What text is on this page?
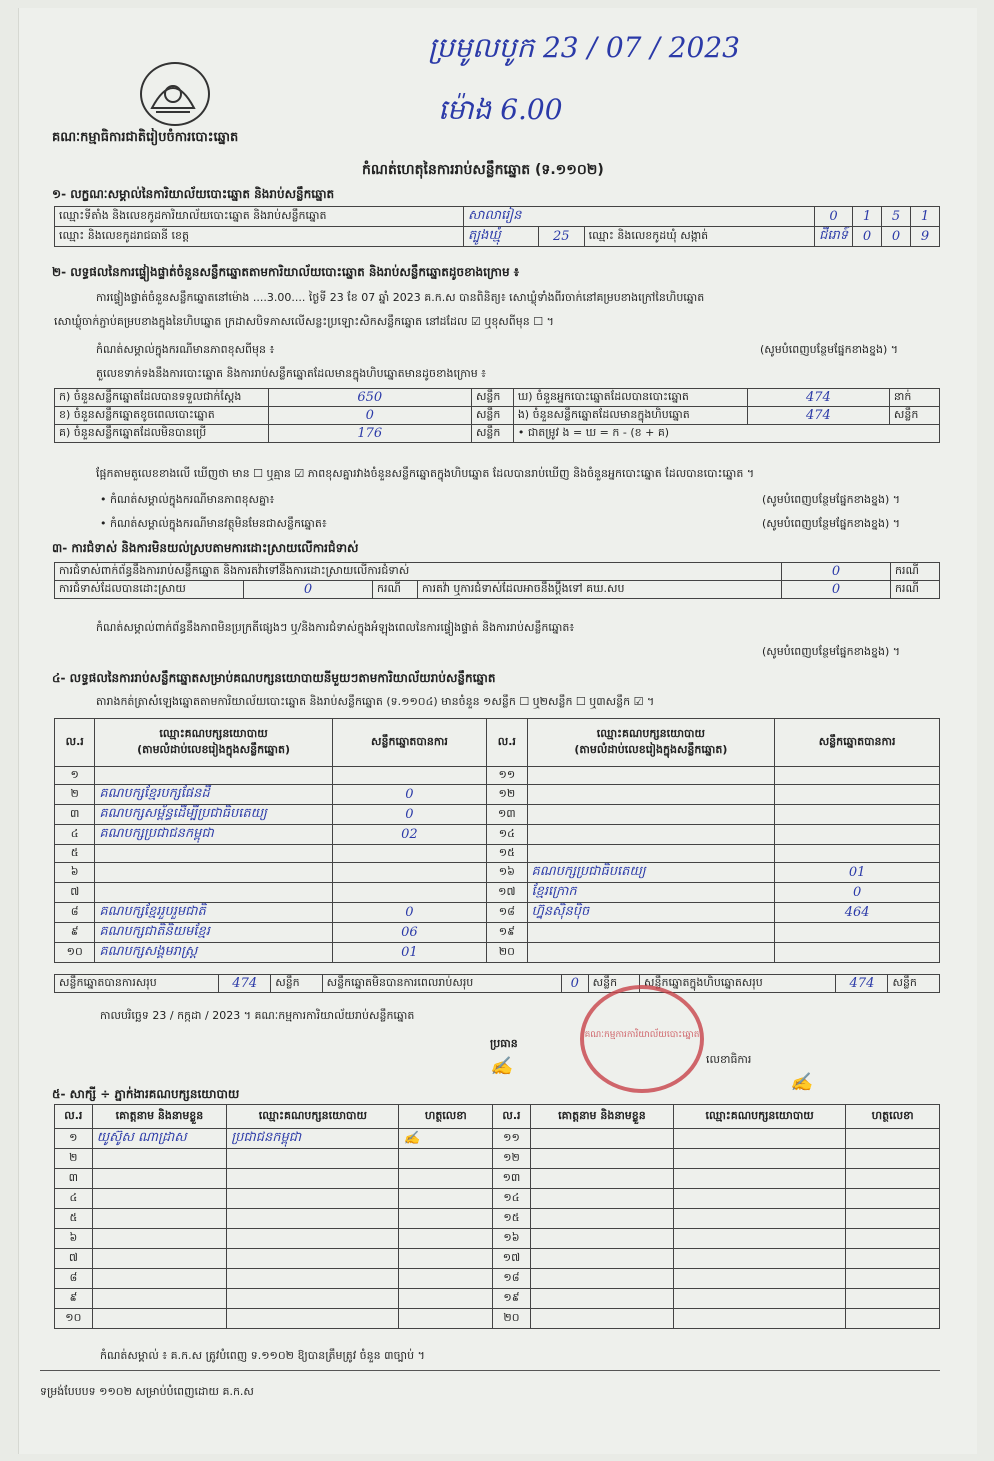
ប្រមូលបូក 23 / 07 / 2023
ម៉ោង 6.00
គណៈកម្មាធិការជាតិរៀបចំការបោះឆ្នោត
កំណត់ហេតុនៃការរាប់សន្លឹកឆ្នោត (ទ.១១០២)
១- លក្ខណៈសម្គាល់នៃការិយាល័យបោះឆ្នោត និងរាប់សន្លឹកឆ្នោត
ឈ្មោះទីតាំង និងលេខកូដការិយាល័យបោះឆ្នោត និងរាប់សន្លឹកឆ្នោត	សាលារៀន			0	1	5	1
ឈ្មោះ និងលេខកូដរាជធានី ខេត្ត	ត្បូងឃ្មុំ	25	ឈ្មោះ និងលេខកូដឃុំ សង្កាត់	ជីរោទ៍	0	0	9
២- លទ្ធផលនៃការផ្ទៀងផ្ទាត់ចំនួនសន្លឹកឆ្នោតតាមការិយាល័យបោះឆ្នោត និងរាប់សន្លឹកឆ្នោតដូចខាងក្រោម ៖
ការផ្ទៀងផ្ទាត់ចំនួនសន្លឹកឆ្នោតនៅម៉ោង ....3.00.... ថ្ងៃទី 23 ខែ 07 ឆ្នាំ 2023 គ.ក.ស បានពិនិត្យ៖ សោឃ្លុំទាំងពីរចាក់នៅគម្របខាងក្រៅនៃហិបឆ្នោត
សោឃ្លុំចាក់ភ្ជាប់គម្របខាងក្នុងនៃហិបឆ្នោត ក្រដាសបិទភាសលើសន្លះប្រឡោះសិកសន្លឹកឆ្នោត នៅដដែល ☑ ឬខុសពីមុន ☐ ។
កំណត់សម្គាល់ក្នុងករណីមានភាពខុសពីមុន ៖	(សូមបំពេញបន្ថែមផ្នែកខាងខ្នង) ។
តួលេខទាក់ទងនឹងការបោះឆ្នោត និងការរាប់សន្លឹកឆ្នោតដែលមានក្នុងហិបឆ្នោតមានដូចខាងក្រោម ៖
ក) ចំនួនសន្លឹកឆ្នោតដែលបានទទួលជាក់ស្ដែង	650	សន្លឹក	ឃ) ចំនួនអ្នកបោះឆ្នោតដែលបានបោះឆ្នោត	474	នាក់
ខ) ចំនួនសន្លឹកឆ្នោតខូចពេលបោះឆ្នោត	0	សន្លឹក	ង) ចំនួនសន្លឹកឆ្នោតដែលមានក្នុងហិបឆ្នោត	474	សន្លឹក
គ) ចំនួនសន្លឹកឆ្នោតដែលមិនបានប្រើ	176	សន្លឹក	• ជាតម្រូវ ង = ឃ = ក - (ខ + គ)		
ផ្អែកតាមតួលេខខាងលើ ឃើញថា មាន ☐ ឬគ្មាន ☑ ភាពខុសគ្នារវាងចំនួនសន្លឹកឆ្នោតក្នុងហិបឆ្នោត ដែលបានរាប់ឃើញ និងចំនួនអ្នកបោះឆ្នោត ដែលបានបោះឆ្នោត ។
• កំណត់សម្គាល់ក្នុងករណីមានភាពខុសគ្នា៖	(សូមបំពេញបន្ថែមផ្នែកខាងខ្នង) ។
• កំណត់សម្គាល់ក្នុងករណីមានវត្ថុមិនមែនជាសន្លឹកឆ្នោត៖	(សូមបំពេញបន្ថែមផ្នែកខាងខ្នង) ។
៣- ការជំទាស់ និងការមិនយល់ស្របតាមការដោះស្រាយលើការជំទាស់
ការជំទាស់ពាក់ព័ន្ធនឹងការរាប់សន្លឹកឆ្នោត និងការតវ៉ាទៅនឹងការដោះស្រាយលើការជំទាស់				0	ករណី
ការជំទាស់ដែលបានដោះស្រាយ	0	ករណី	ការតវ៉ា ឬការជំទាស់ដែលអាចនឹងប្ដឹងទៅ គឃ.សប	0	ករណី
កំណត់សម្គាល់ពាក់ព័ន្ធនឹងភាពមិនប្រក្រតីផ្សេងៗ ឬ/និងការជំទាស់ក្នុងអំឡុងពេលនៃការផ្ទៀងផ្ទាត់ និងការរាប់សន្លឹកឆ្នោត៖
(សូមបំពេញបន្ថែមផ្នែកខាងខ្នង) ។
៤- លទ្ធផលនៃការរាប់សន្លឹកឆ្នោតសម្រាប់គណបក្សនយោបាយនីមួយៗតាមការិយាល័យរាប់សន្លឹកឆ្នោត
តារាងកត់ត្រាសំឡេងឆ្នោតតាមការិយាល័យបោះឆ្នោត និងរាប់សន្លឹកឆ្នោត (ទ.១១០៤) មានចំនួន ១សន្លឹក ☐ ឬ២សន្លឹក ☐ ឬ៣សន្លឹក ☑ ។
ល.រ	ឈ្មោះគណបក្សនយោបាយ
(តាមលំដាប់លេខរៀងក្នុងសន្លឹកឆ្នោត)	សន្លឹកឆ្នោតបានការ	ល.រ	ឈ្មោះគណបក្សនយោបាយ
(តាមលំដាប់លេខរៀងក្នុងសន្លឹកឆ្នោត)	សន្លឹកឆ្នោតបានការ
១			១១		
២	គណបក្សខ្មែរបក្សផែនដី	0	១២		
៣	គណបក្សសម្ព័ន្ធដើម្បីប្រជាធិបតេយ្យ	0	១៣		
៤	គណបក្សប្រជាជនកម្ពុជា	02	១៤		
៥			១៥		
៦			១៦	គណបក្សប្រជាធិបតេយ្យ	01
៧			១៧	ខ្មែរក្រោក	0
៨	គណបក្សខ្មែររួបរួមជាតិ	0	១៨	ហ្វ៊ុនស៊ិនប៉ិច	464
៩	គណបក្សជាតិនិយមខ្មែរ	06	១៩		
១០	គណបក្សសង្គមរាស្ត្រ	01	២០		
សន្លឹកឆ្នោតបានការសរុប	474	សន្លឹក	សន្លឹកឆ្នោតមិនបានការពេលរាប់សរុប	0	សន្លឹក	សន្លឹកឆ្នោតក្នុងហិបឆ្នោតសរុប	474	សន្លឹក
កាលបរិច្ឆេទ 23 / កក្កដា / 2023 ។ គណៈកម្មការការិយាល័យរាប់សន្លឹកឆ្នោត
ប្រធាន
លេខាធិការ
គណៈកម្មការការិយាល័យបោះឆ្នោត
✍
✍
៥- សាក្សី ÷ ភ្នាក់ងារគណបក្សនយោបាយ
ល.រ	គោត្តនាម និងនាមខ្លួន	ឈ្មោះគណបក្សនយោបាយ	ហត្ថលេខា	ល.រ	គោត្តនាម និងនាមខ្លួន	ឈ្មោះគណបក្សនយោបាយ	ហត្ថលេខា
១	យូស៊ូស ណាដ្រាស	ប្រជាជនកម្ពុជា	✍	១១			
២				១២			
៣				១៣			
៤				១៤			
៥				១៥			
៦				១៦			
៧				១៧			
៨				១៨			
៩				១៩			
១០				២០			
កំណត់សម្គាល់ ៖ គ.ក.ស ត្រូវបំពេញ ទ.១១០២ ឱ្យបានត្រឹមត្រូវ ចំនួន ៣ច្បាប់ ។
ទម្រង់បែបបទ ១១០២ សម្រាប់បំពេញដោយ គ.ក.ស
